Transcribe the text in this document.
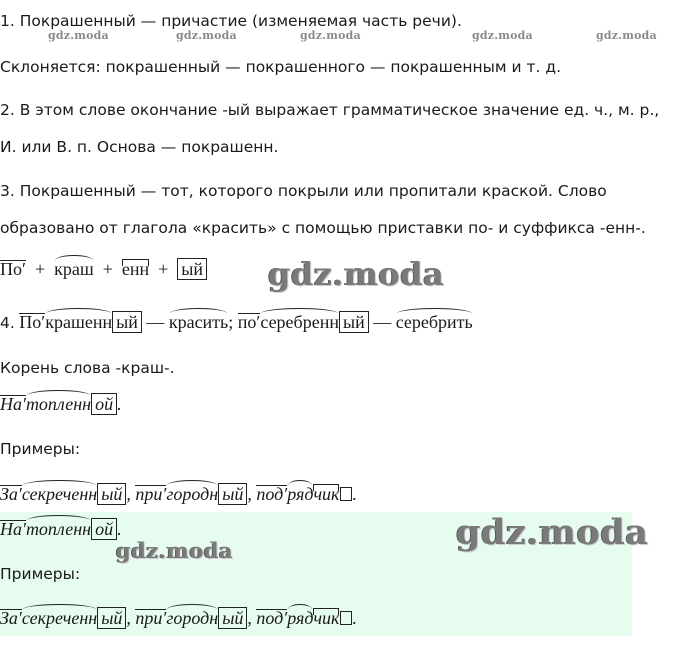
gdz.moda	gdz.moda	gdz.moda	gdz.moda	gdz.moda
1. Покрашенный — причастие (изменяемая часть речи).
Склоняется: покрашенный — покрашенного — покрашенным и т. д.
2. В этом слове окончание -ый выражает грамматическое значение ед. ч., м. р.,
И. или В. п. Основа — покрашенн.
3. Покрашенный — тот, которого покрыли или пропитали краской. Слово
образовано от глагола «красить» с помощью приставки по- и суффикса -енн-.
По′ + краш + енн + ый gdz.moda
4. По′крашенн ый — красить; по′серебренн ый — серебрить
Корень слова -краш-.
На′топленн ой .
Примеры:
За′секреченн ый , при′городн ый , под′рядчик .
На′топленн ой .	gdz.moda
gdz.moda
Примеры:
За′секреченн ый , при′городн ый , под′рядчик .
